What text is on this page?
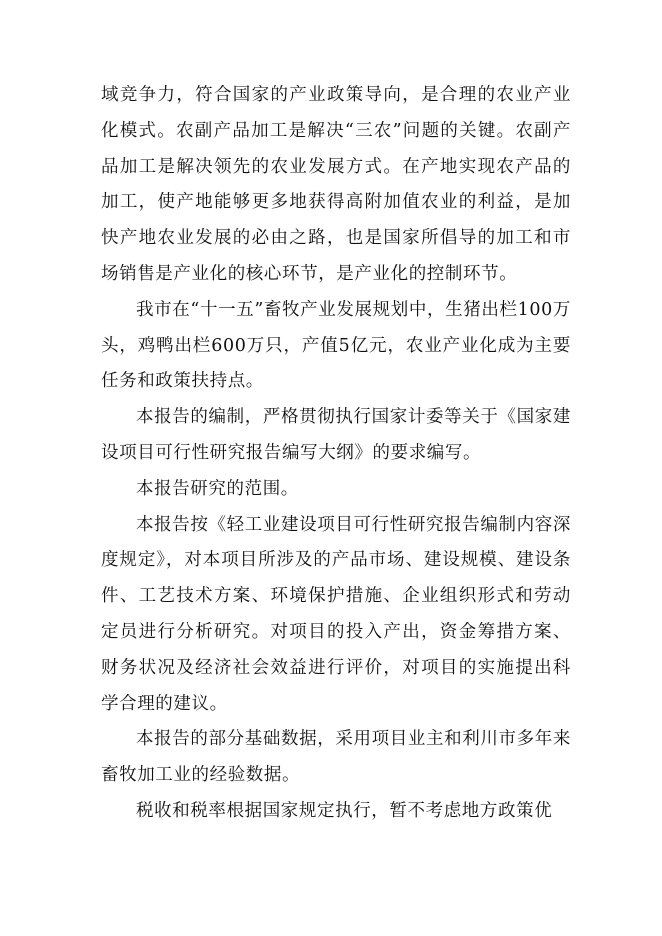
域竞争力，符合国家的产业政策导向，是合理的农业产业化模式。农副产品加工是解决“三农”问题的关键。农副产品加工是解决领先的农业发展方式。在产地实现农产品的加工，使产地能够更多地获得高附加值农业的利益，是加快产地农业发展的必由之路，也是国家所倡导的加工和市场销售是产业化的核心环节，是产业化的控制环节。

我市在“十一五”畜牧产业发展规划中，生猪出栏100万头，鸡鸭出栏600万只，产值5亿元，农业产业化成为主要任务和政策扶持点。

本报告的编制，严格贯彻执行国家计委等关于《国家建设项目可行性研究报告编写大纲》的要求编写。

本报告研究的范围。

本报告按《轻工业建设项目可行性研究报告编制内容深度规定》，对本项目所涉及的产品市场、建设规模、建设条件、工艺技术方案、环境保护措施、企业组织形式和劳动定员进行分析研究。对项目的投入产出，资金筹措方案、财务状况及经济社会效益进行评价，对项目的实施提出科学合理的建议。

本报告的部分基础数据，采用项目业主和利川市多年来畜牧加工业的经验数据。

税收和税率根据国家规定执行，暂不考虑地方政策优
